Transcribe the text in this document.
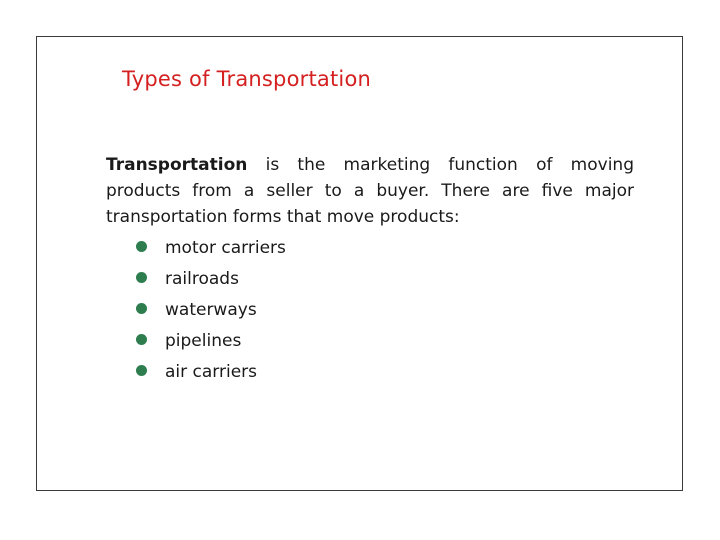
Types of Transportation
Transportation is the marketing function of moving products from a seller to a buyer. There are five major transportation forms that move products:
motor carriers
railroads
waterways
pipelines
air carriers
